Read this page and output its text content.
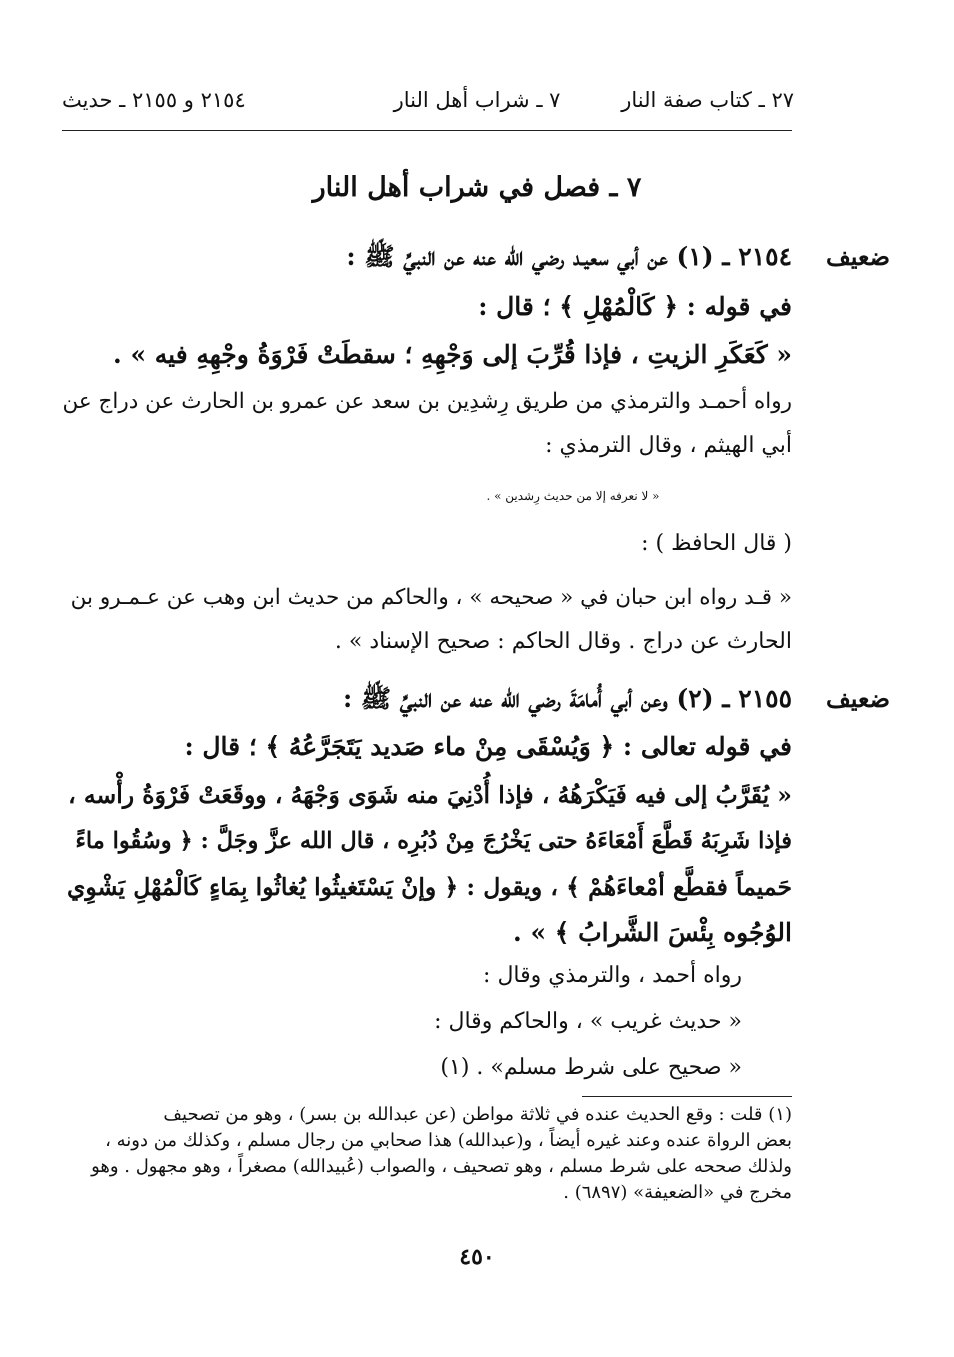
٢٧ ـ كتاب صفة النار
٧ ـ شراب أهل النار
٢١٥٤ و ٢١٥٥ ـ حديث
٧ ـ فصل في شراب أهل النار
ضعيف
٢١٥٤ ـ (١) عن أبي سعيـد رضي الله عنه عن النبيِّ ﷺ :
في قوله : ﴿ كَالْمُهْلِ ﴾ ؛ قال :
« كَعَكَرِ الزيتِ ، فإذا قُرِّبَ إلى وَجْهِهِ ؛ سقطَتْ فَرْوَةُ وجْهِهِ فيه » .
رواه أحمـد والترمذي من طريق رِشدِين بن سعد عن عمرو بن الحارث عن دراج عن
أبي الهيثم ، وقال الترمذي :
« لا نعرفه إلا من حديث رِشدين » .
( قال الحافظ ) :
« قـد رواه ابن حبان في « صحيحه » ، والحاكم من حديث ابن وهب عن عـمـرو بن
الحارث عن دراج . وقال الحاكم : صحيح الإسناد » .
ضعيف
٢١٥٥ ـ (٢) وعن أبي أُمامَةَ رضي الله عنه عن النبيِّ ﷺ :
في قوله تعالى : ﴿ وَيُسْقَى مِنْ ماء صَديد يَتَجَرَّعُهُ ﴾ ؛ قال :
« يُقَرَّبُ إلى فيه فَيَكْرَهُهُ ، فإذا أُدْنِيَ منه شَوَى وَجْهَهُ ، ووقَعَتْ فَرْوَةُ رأْسه ،
فإذا شَرِبَهُ قَطَّعَ أَمْعَاءَهُ حتى يَخْرُجَ مِنْ دُبُرِه ، قال الله عزَّ وجَلَّ : ﴿ وسُقُوا ماءً
حَميماً فقطَّع أمْعاءَهُمْ ﴾ ، ويقول : ﴿ وإنْ يَسْتَغيثُوا يُغاثُوا بِمَاءٍ كَالْمُهْلِ يَشْوِي
الوُجُوه بِئْسَ الشَّرابُ ﴾ » .
رواه أحمد ، والترمذي وقال :
« حديث غريب » ، والحاكم وقال :
« صحيح على شرط مسلم» . (١)
(١) قلت : وقع الحديث عنده في ثلاثة مواطن (عن عبدالله بن بسر) ، وهو من تصحيف
بعض الرواة عنده وعند غيره أيضاً ، و(عبدالله) هذا صحابي من رجال مسلم ، وكذلك من دونه ،
ولذلك صححه على شرط مسلم ، وهو تصحيف ، والصواب (عُبيدالله) مصغراً ، وهو مجهول . وهو
مخرج في «الضعيفة» (٦٨٩٧) .
٤٥٠
